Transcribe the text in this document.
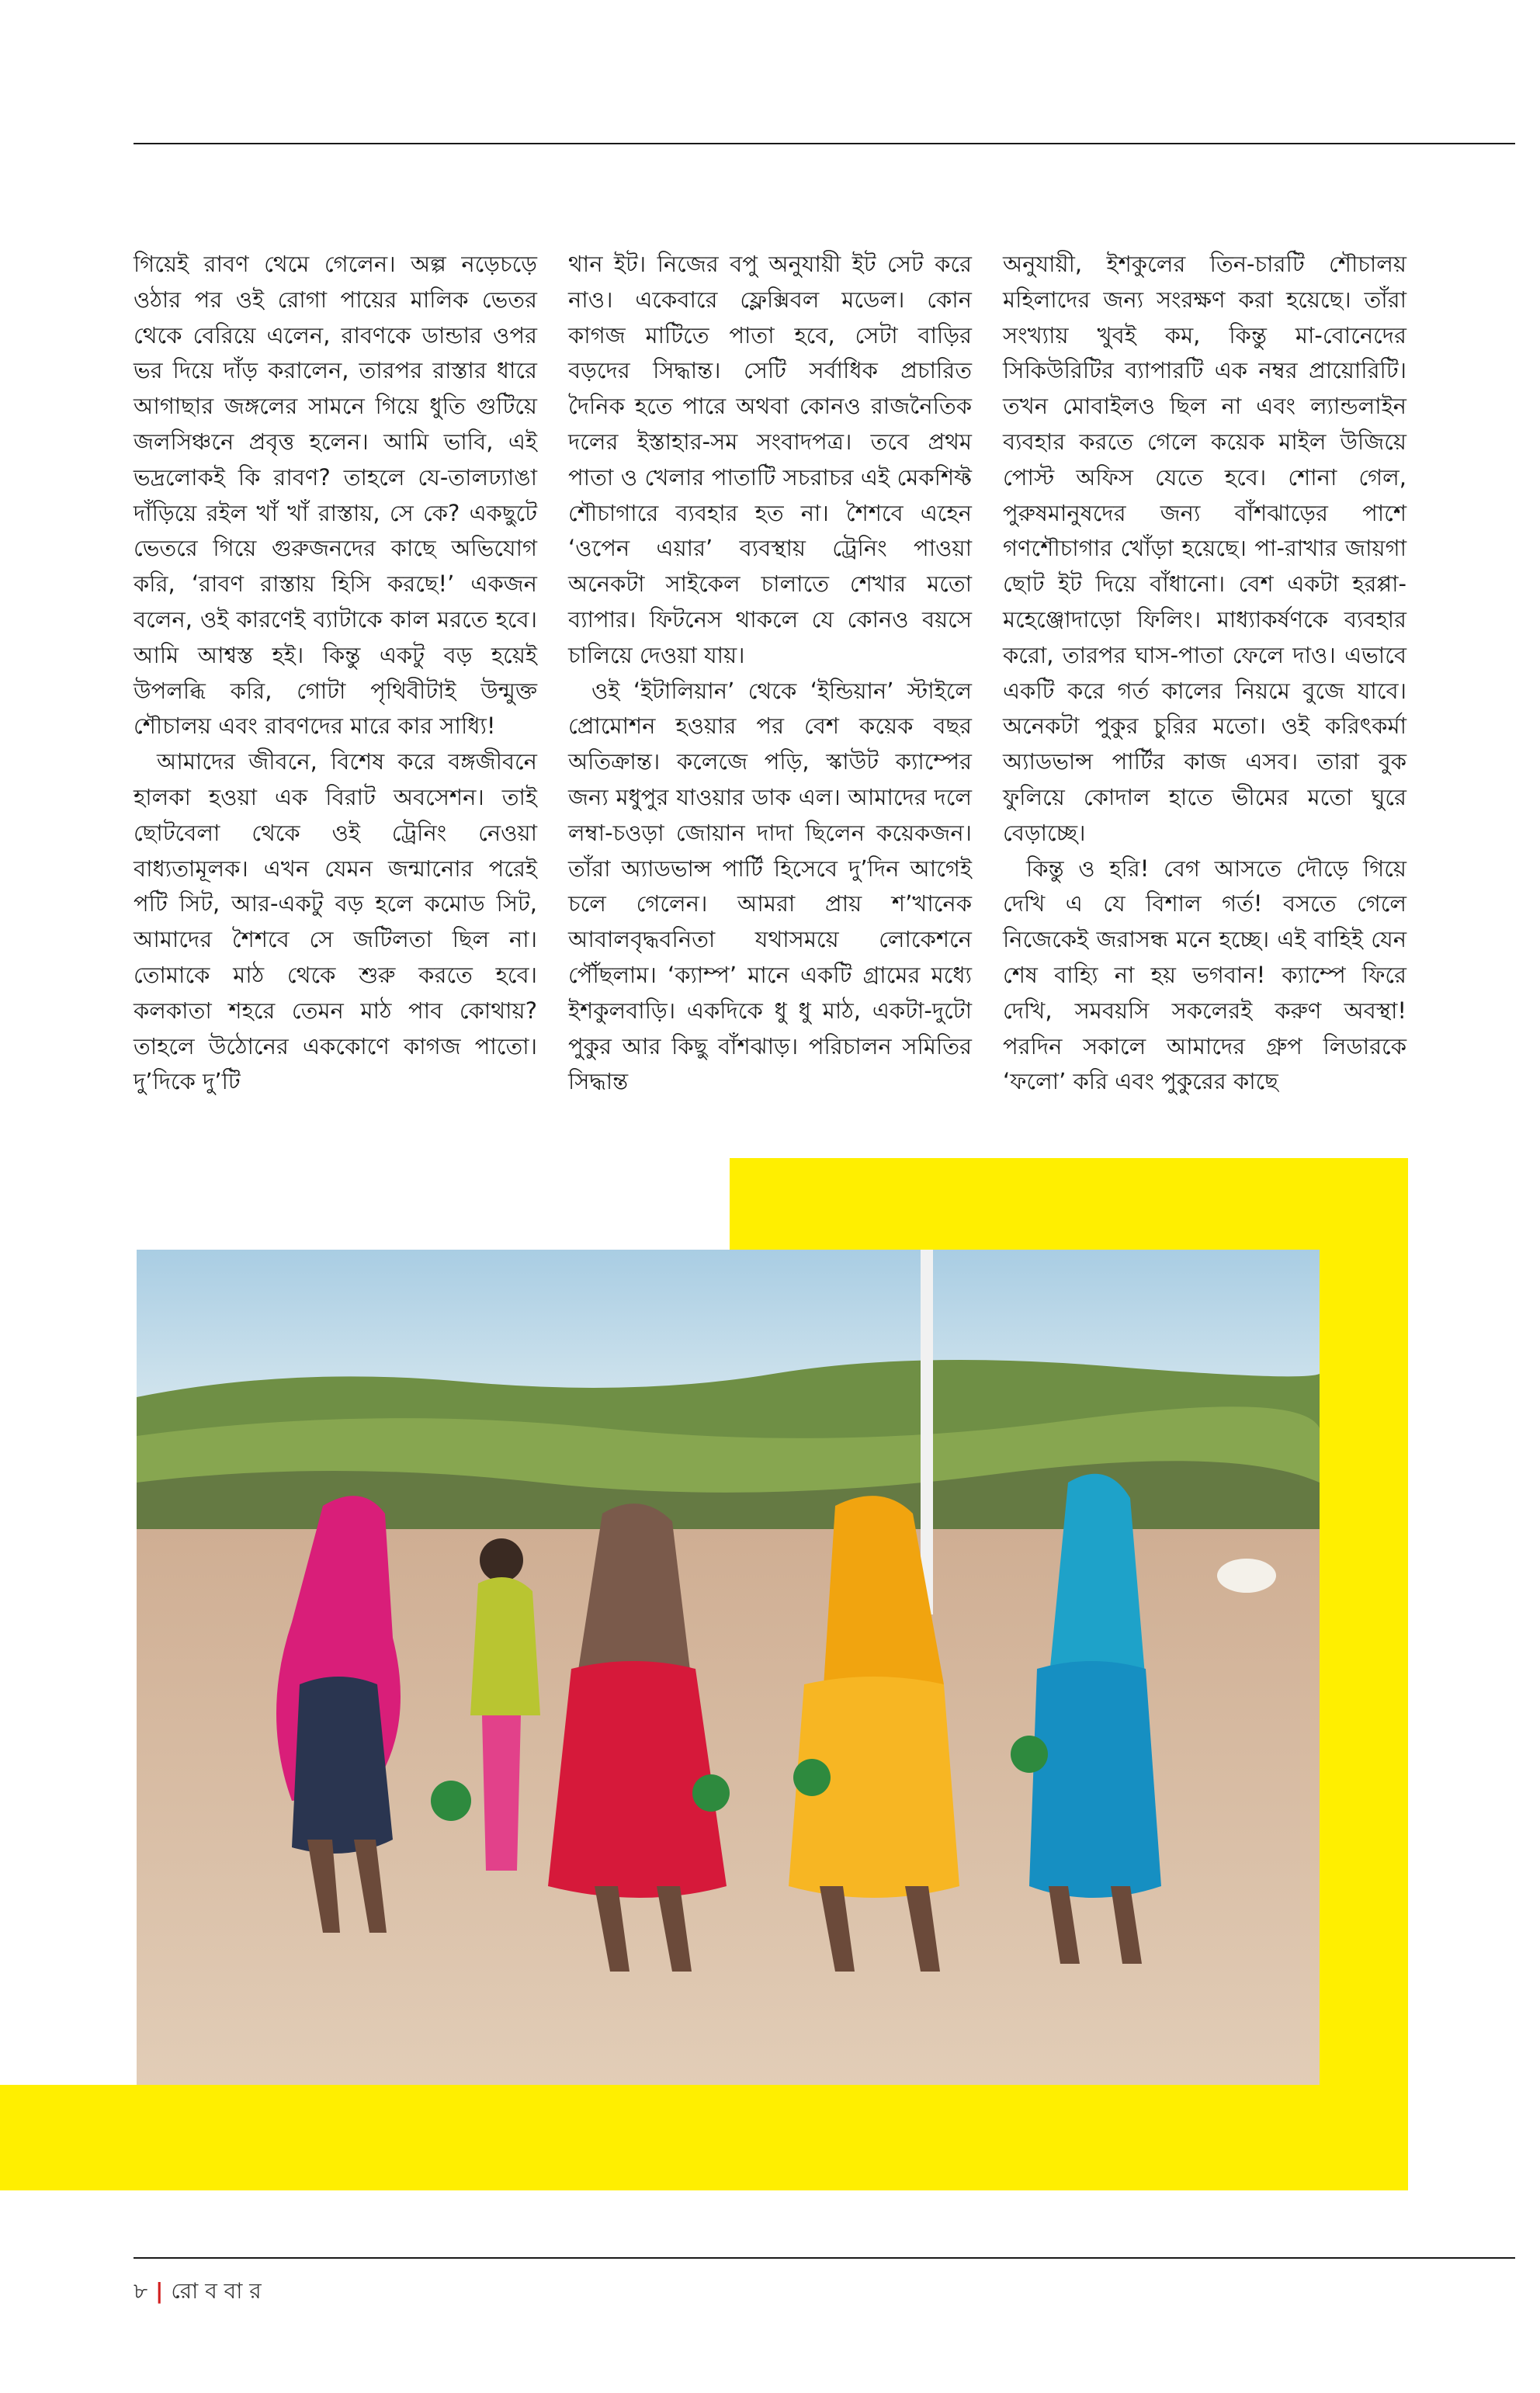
গিয়েই রাবণ থেমে গেলেন। অল্প নড়েচড়ে ওঠার পর ওই রোগা পায়ের মালিক ভেতর থেকে বেরিয়ে এলেন, রাবণকে ডান্ডার ওপর ভর দিয়ে দাঁড় করালেন, তারপর রাস্তার ধারে আগাছার জঙ্গলের সামনে গিয়ে ধুতি গুটিয়ে জলসিঞ্চনে প্রবৃত্ত হলেন। আমি ভাবি, এই ভদ্রলোকই কি রাবণ? তাহলে যে-তালঢ্যাঙা দাঁড়িয়ে রইল খাঁ খাঁ রাস্তায়, সে কে? একছুটে ভেতরে গিয়ে গুরুজনদের কাছে অভিযোগ করি, ‘রাবণ রাস্তায় হিসি করছে!’ একজন বলেন, ওই কারণেই ব্যাটাকে কাল মরতে হবে। আমি আশ্বস্ত হই। কিন্তু একটু বড় হয়েই উপলব্ধি করি, গোটা পৃথিবীটাই উন্মুক্ত শৌচালয় এবং রাবণদের মারে কার সাধ্যি!

আমাদের জীবনে, বিশেষ করে বঙ্গজীবনে হালকা হওয়া এক বিরাট অবসেশন। তাই ছোটবেলা থেকে ওই ট্রেনিং নেওয়া বাধ্যতামূলক। এখন যেমন জন্মানোর পরেই পটি সিট, আর-একটু বড় হলে কমোড সিট, আমাদের শৈশবে সে জটিলতা ছিল না। তোমাকে মাঠ থেকে শুরু করতে হবে। কলকাতা শহরে তেমন মাঠ পাব কোথায়? তাহলে উঠোনের এককোণে কাগজ পাতো। দু’দিকে দু’টি

থান ইট। নিজের বপু অনুযায়ী ইট সেট করে নাও। একেবারে ফ্লেক্সিবল মডেল। কোন কাগজ মাটিতে পাতা হবে, সেটা বাড়ির বড়দের সিদ্ধান্ত। সেটি সর্বাধিক প্রচারিত দৈনিক হতে পারে অথবা কোনও রাজনৈতিক দলের ইস্তাহার-সম সংবাদপত্র। তবে প্রথম পাতা ও খেলার পাতাটি সচরাচর এই মেকশিফ্ট শৌচাগারে ব্যবহার হত না। শৈশবে এহেন ‘ওপেন এয়ার’ ব্যবস্থায় ট্রেনিং পাওয়া অনেকটা সাইকেল চালাতে শেখার মতো ব্যাপার। ফিটনেস থাকলে যে কোনও বয়সে চালিয়ে দেওয়া যায়।

ওই ‘ইটালিয়ান’ থেকে ‘ইন্ডিয়ান’ স্টাইলে প্রোমোশন হওয়ার পর বেশ কয়েক বছর অতিক্রান্ত। কলেজে পড়ি, স্কাউট ক্যাম্পের জন্য মধুপুর যাওয়ার ডাক এল। আমাদের দলে লম্বা-চওড়া জোয়ান দাদা ছিলেন কয়েকজন। তাঁরা অ্যাডভান্স পার্টি হিসেবে দু’দিন আগেই চলে গেলেন। আমরা প্রায় শ’খানেক আবালবৃদ্ধবনিতা যথাসময়ে লোকেশনে পৌঁছলাম। ‘ক্যাম্প’ মানে একটি গ্রামের মধ্যে ইশকুলবাড়ি। একদিকে ধু ধু মাঠ, একটা-দুটো পুকুর আর কিছু বাঁশঝাড়। পরিচালন সমিতির সিদ্ধান্ত

অনুযায়ী, ইশকুলের তিন-চারটি শৌচালয় মহিলাদের জন্য সংরক্ষণ করা হয়েছে। তাঁরা সংখ্যায় খুবই কম, কিন্তু মা-বোনেদের সিকিউরিটির ব্যাপারটি এক নম্বর প্রায়োরিটি। তখন মোবাইলও ছিল না এবং ল্যান্ডলাইন ব্যবহার করতে গেলে কয়েক মাইল উজিয়ে পোস্ট অফিস যেতে হবে। শোনা গেল, পুরুষমানুষদের জন্য বাঁশঝাড়ের পাশে গণশৌচাগার খোঁড়া হয়েছে। পা-রাখার জায়গা ছোট ইট দিয়ে বাঁধানো। বেশ একটা হরপ্পা-মহেঞ্জোদাড়ো ফিলিং। মাধ্যাকর্ষণকে ব্যবহার করো, তারপর ঘাস-পাতা ফেলে দাও। এভাবে একটি করে গর্ত কালের নিয়মে বুজে যাবে। অনেকটা পুকুর চুরির মতো। ওই করিৎকর্মা অ্যাডভান্স পার্টির কাজ এসব। তারা বুক ফুলিয়ে কোদাল হাতে ভীমের মতো ঘুরে বেড়াচ্ছে।

কিন্তু ও হরি! বেগ আসতে দৌড়ে গিয়ে দেখি এ যে বিশাল গর্ত! বসতে গেলে নিজেকেই জরাসন্ধ মনে হচ্ছে। এই বাহিই যেন শেষ বাহ্যি না হয় ভগবান! ক্যাম্পে ফিরে দেখি, সমবয়সি সকলেরই করুণ অবস্থা! পরদিন সকালে আমাদের গ্রুপ লিডারকে ‘ফলো’ করি এবং পুকুরের কাছে

৮ | রো ব বা র
